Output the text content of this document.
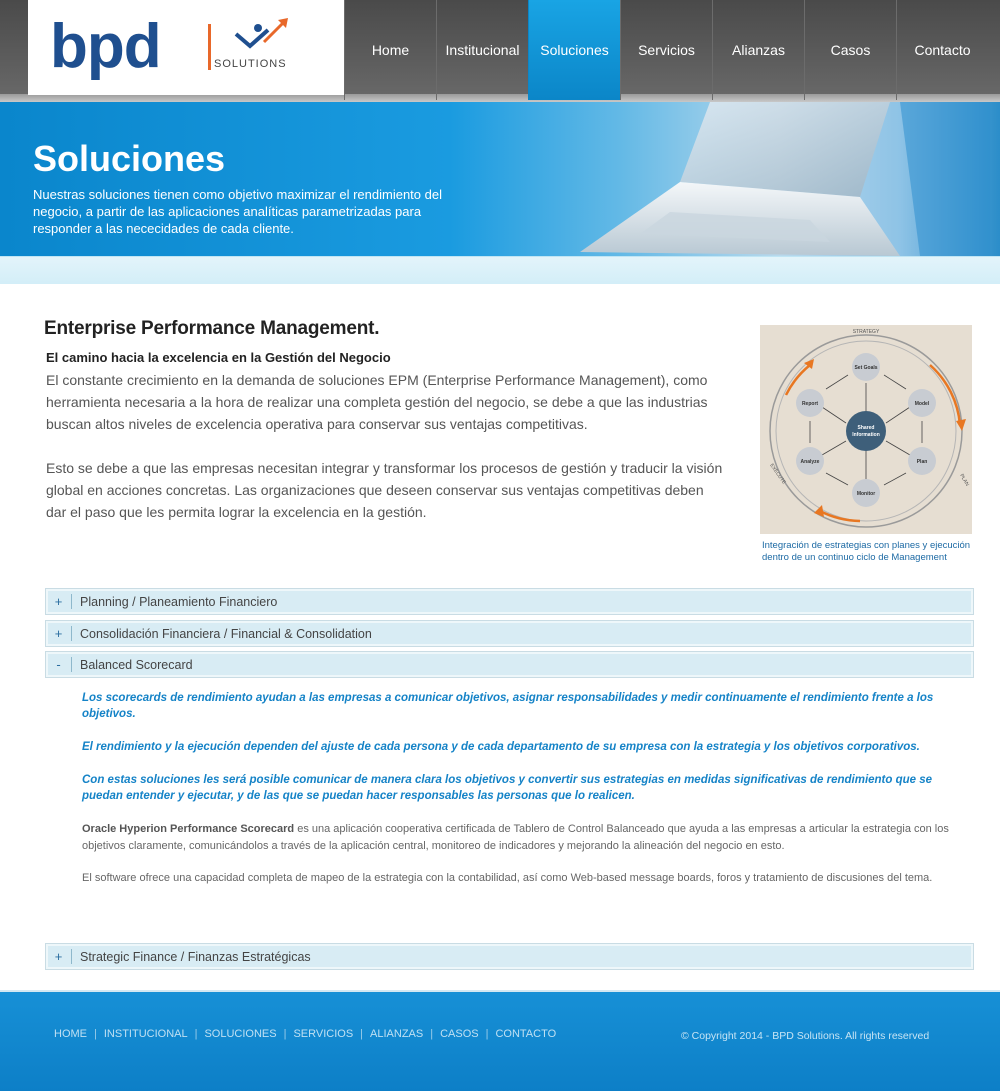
bpd	SOLUTIONS
Home	Institucional	Soluciones	Servicios	Alianzas	Casos	Contacto
Soluciones
Nuestras soluciones tienen como objetivo maximizar el rendimiento del negocio, a partir de las aplicaciones analíticas parametrizadas para responder a las nececidades de cada cliente.
Enterprise Performance Management.
El camino hacia la excelencia en la Gestión del Negocio
El constante crecimiento en la demanda de soluciones EPM (Enterprise Performance Management), como herramienta necesaria a la hora de realizar una completa gestión del negocio, se debe a que las industrias buscan altos niveles de excelencia operativa para conservar sus ventajas competitivas.
Esto se debe a que las empresas necesitan integrar y transformar los procesos de gestión y traducir la visión global en acciones concretas. Las organizaciones que deseen conservar sus ventajas competitivas deben dar el paso que les permita lograr la excelencia en la gestión.
STRATEGY
PLAN
EXECUTE
Shared
Information
Set Goals
Model
Plan
Monitor
Analyze
Report
Integración de estrategias con planes y ejecución dentro de un continuo ciclo de Management
+	Planning / Planeamiento Financiero
+	Consolidación Financiera / Financial & Consolidation
-	Balanced Scorecard

Los scorecards de rendimiento ayudan a las empresas a comunicar objetivos, asignar responsabilidades y medir continuamente el rendimiento frente a los objetivos.

El rendimiento y la ejecución dependen del ajuste de cada persona y de cada departamento de su empresa con la estrategia y los objetivos corporativos.

Con estas soluciones les será posible comunicar de manera clara los objetivos y convertir sus estrategias en medidas significativas de rendimiento que se puedan entender y ejecutar, y de las que se puedan hacer responsables las personas que lo realicen.

Oracle Hyperion Performance Scorecard es una aplicación cooperativa certificada de Tablero de Control Balanceado que ayuda a las empresas a articular la estrategia con los objetivos claramente, comunicándolos a través de la aplicación central, monitoreo de indicadores y mejorando la alineación del negocio en esto.

El software ofrece una capacidad completa de mapeo de la estrategia con la contabilidad, así como Web-based message boards, foros y tratamiento de discusiones del tema.

+	Strategic Finance / Finanzas Estratégicas
HOME | INSTITUCIONAL | SOLUCIONES | SERVICIOS | ALIANZAS | CASOS | CONTACTO	© Copyright 2014 - BPD Solutions. All rights reserved
